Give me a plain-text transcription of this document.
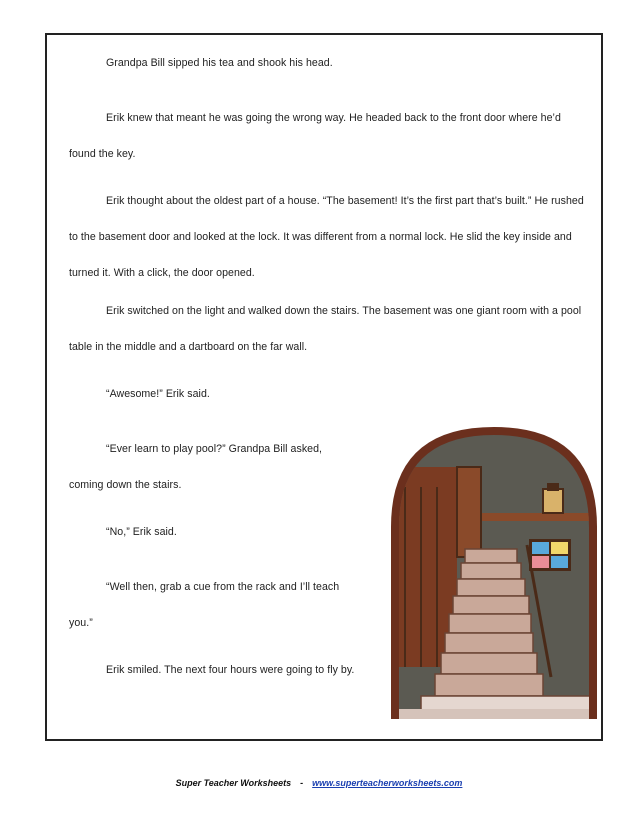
Grandpa Bill sipped his tea and shook his head.

Erik knew that meant he was going the wrong way. He headed back to the front door where he’d found the key.

Erik thought about the oldest part of a house. “The basement! It’s the first part that’s built.” He rushed to the basement door and looked at the lock. It was different from a normal lock. He slid the key inside and turned it. With a click, the door opened.

Erik switched on the light and walked down the stairs. The basement was one giant room with a pool table in the middle and a dartboard on the far wall.

“Awesome!” Erik said.

“Ever learn to play pool?” Grandpa Bill asked, coming down the stairs.

“No,” Erik said.

“Well then, grab a cue from the rack and I’ll teach you.”

Erik smiled. The next four hours were going to fly by.

Super Teacher Worksheets - www.superteacherworksheets.com
